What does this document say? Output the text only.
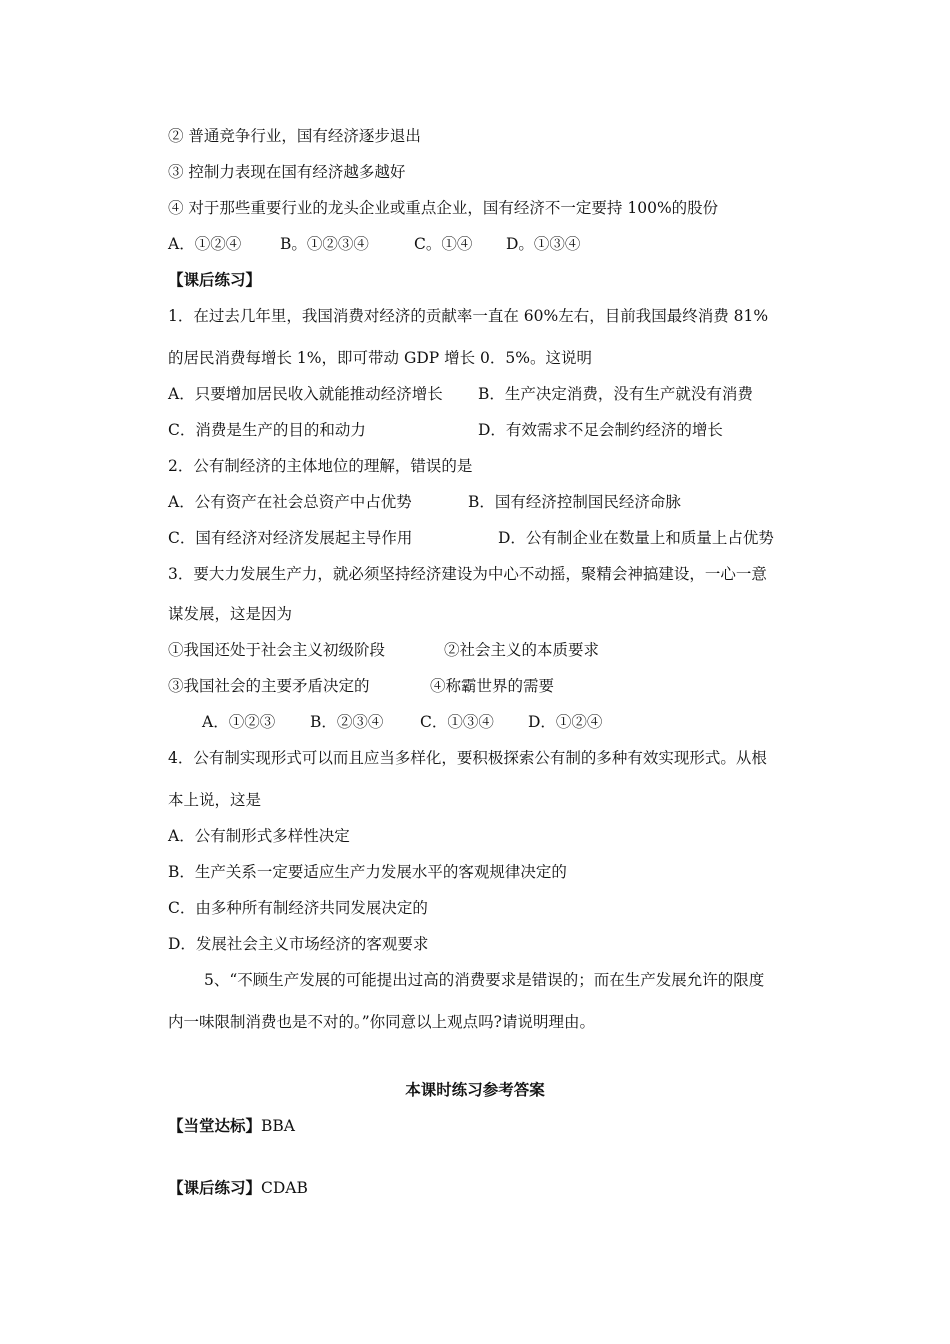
② 普通竞争行业，国有经济逐步退出
③ 控制力表现在国有经济越多越好
④ 对于那些重要行业的龙头企业或重点企业，国有经济不一定要持 100%的股份
A．①②④	B。①②③④	C。①④ D。①③④
【课后练习】
1．在过去几年里，我国消费对经济的贡献率一直在 60%左右，目前我国最终消费 81%
的居民消费每增长 1%，即可带动 GDP 增长 0．5%。这说明
A．只要增加居民收入就能推动经济增长 B．生产决定消费，没有生产就没有消费
C．消费是生产的目的和动力	D．有效需求不足会制约经济的增长
2．公有制经济的主体地位的理解，错误的是
A．公有资产在社会总资产中占优势	B．国有经济控制国民经济命脉
C．国有经济对经济发展起主导作用	D．公有制企业在数量上和质量上占优势
3．要大力发展生产力，就必须坚持经济建设为中心不动摇，聚精会神搞建设，一心一意
谋发展，这是因为
①我国还处于社会主义初级阶段	②社会主义的本质要求
③我国社会的主要矛盾决定的	④称霸世界的需要
A．①②③ B．②③④ C．①③④ D．①②④
4．公有制实现形式可以而且应当多样化，要积极探索公有制的多种有效实现形式。从根
本上说，这是
A．公有制形式多样性决定
B．生产关系一定要适应生产力发展水平的客观规律决定的
C．由多种所有制经济共同发展决定的
D．发展社会主义市场经济的客观要求
5、“不顾生产发展的可能提出过高的消费要求是错误的；而在生产发展允许的限度
内一味限制消费也是不对的。”你同意以上观点吗?请说明理由。
本课时练习参考答案
【当堂达标】BBA
【课后练习】CDAB
